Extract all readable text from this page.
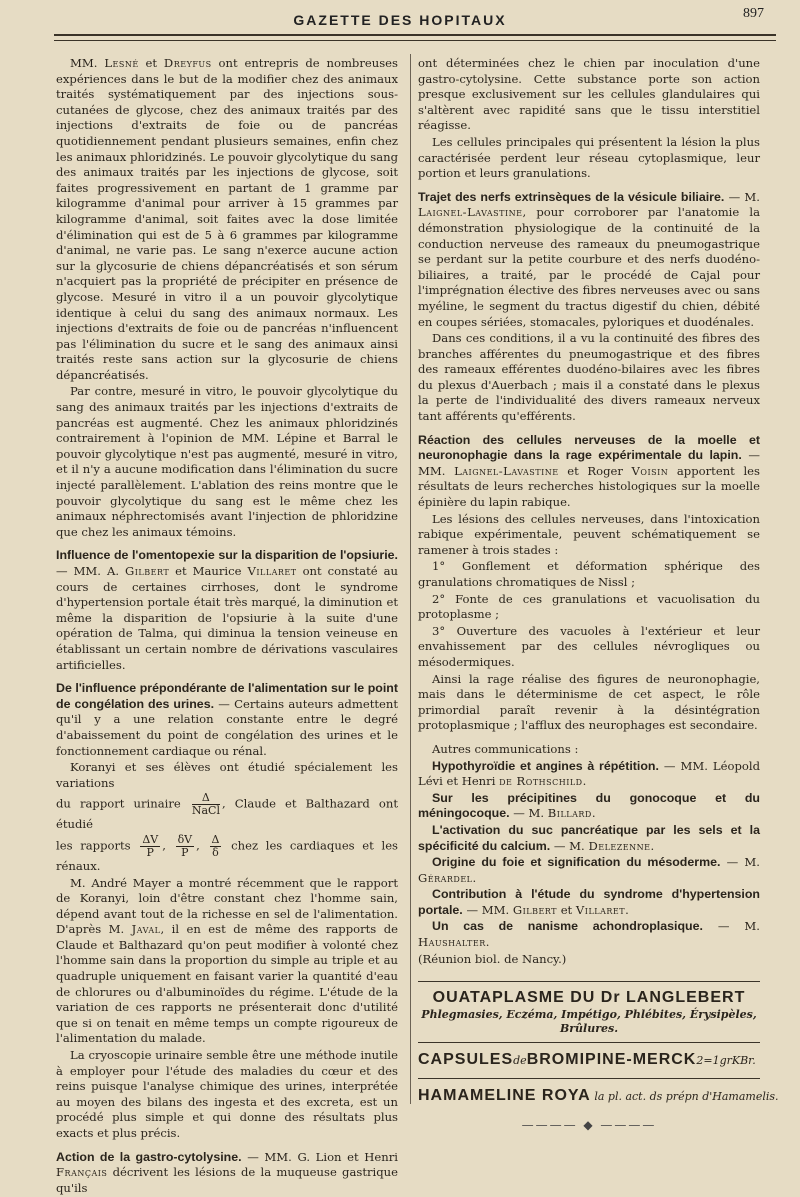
GAZETTE DES HOPITAUX	897

MM. Lesné et Dreyfus ont entrepris de nombreuses expériences dans le but de la modifier chez des animaux traités systématiquement par des injections sous-cutanées de glycose, chez des animaux traités par des injections d'extraits de foie ou de pancréas quotidiennement pendant plusieurs semaines, enfin chez les animaux phloridzinés. Le pouvoir glycolytique du sang des animaux traités par les injections de glycose, soit faites progressivement en partant de 1 gramme par kilogramme d'animal pour arriver à 15 grammes par kilogramme d'animal, soit faites avec la dose limitée d'élimination qui est de 5 à 6 grammes par kilogramme d'animal, ne varie pas. Le sang n'exerce aucune action sur la glycosurie de chiens dépancréatisés et son sérum n'acquiert pas la propriété de précipiter en présence de glycose. Mesuré in vitro il a un pouvoir glycolytique identique à celui du sang des animaux normaux. Les injections d'extraits de foie ou de pancréas n'influencent pas l'élimination du sucre et le sang des animaux ainsi traités reste sans action sur la glycosurie de chiens dépancréatisés.

Par contre, mesuré in vitro, le pouvoir glycolytique du sang des animaux traités par les injections d'extraits de pancréas est augmenté. Chez les animaux phloridzinés contrairement à l'opinion de MM. Lépine et Barral le pouvoir glycolytique n'est pas augmenté, mesuré in vitro, et il n'y a aucune modification dans l'élimination du sucre injecté parallèlement. L'ablation des reins montre que le pouvoir glycolytique du sang est le même chez les animaux néphrectomisés avant l'injection de phloridzine que chez les animaux témoins.

Influence de l'omentopexie sur la disparition de l'opsiurie. — MM. A. Gilbert et Maurice Villaret ont constaté au cours de certaines cirrhoses, dont le syndrome d'hypertension portale était très marqué, la diminution et même la disparition de l'opsiurie à la suite d'une opération de Talma, qui diminua la tension veineuse en établissant un certain nombre de dérivations vasculaires artificielles.

De l'influence prépondérante de l'alimentation sur le point de congélation des urines. — Certains auteurs admettent qu'il y a une relation constante entre le degré d'abaissement du point de congélation des urines et le fonctionnement cardiaque ou rénal.

Koranyi et ses élèves ont étudié spécialement les variations

du rapport urinaire $\frac{\Delta}{\text{NaCl}}$ , Claude et Balthazard ont étudié

les rapports $\frac{\Delta V}{P}$ , $\frac{\delta V}{P}$ , $\frac{\Delta}{\delta}$ chez les cardiaques et les rénaux.

M. André Mayer a montré récemment que le rapport de Koranyi, loin d'être constant chez l'homme sain, dépend avant tout de la richesse en sel de l'alimentation. D'après M. Javal, il en est de même des rapports de Claude et Balthazard qu'on peut modifier à volonté chez l'homme sain dans la proportion du simple au triple et au quadruple uniquement en faisant varier la quantité d'eau de chlorures ou d'albuminoïdes du régime. L'étude de la variation de ces rapports ne présenterait donc d'utilité que si on tenait en même temps un compte rigoureux de l'alimentation du malade.

La cryoscopie urinaire semble être une méthode inutile à employer pour l'étude des maladies du cœur et des reins puisque l'analyse chimique des urines, interprétée au moyen des bilans des ingesta et des excreta, est un procédé plus simple et qui donne des résultats plus exacts et plus précis.

Action de la gastro-cytolysine. — MM. G. Lion et Henri Français décrivent les lésions de la muqueuse gastrique qu'ils

ont déterminées chez le chien par inoculation d'une gastro-cytolysine. Cette substance porte son action presque exclusivement sur les cellules glandulaires qui s'altèrent avec rapidité sans que le tissu interstitiel réagisse.

Les cellules principales qui présentent la lésion la plus caractérisée perdent leur réseau cytoplasmique, leur portion et leurs granulations.

Trajet des nerfs extrinsèques de la vésicule biliaire. — M. Laignel-Lavastine, pour corroborer par l'anatomie la démonstration physiologique de la continuité de la conduction nerveuse des rameaux du pneumogastrique se perdant sur la petite courbure et des nerfs duodéno-biliaires, a traité, par le procédé de Cajal pour l'imprégnation élective des fibres nerveuses avec ou sans myéline, le segment du tractus digestif du chien, débité en coupes sériées, stomacales, pyloriques et duodénales.

Dans ces conditions, il a vu la continuité des fibres des branches afférentes du pneumogastrique et des fibres des rameaux efférentes duodéno-bilaires avec les fibres du plexus d'Auerbach ; mais il a constaté dans le plexus la perte de l'individualité des divers rameaux nerveux tant afférents qu'efférents.

Réaction des cellules nerveuses de la moelle et neuronophagie dans la rage expérimentale du lapin. — MM. Laignel-Lavastine et Roger Voisin apportent les résultats de leurs recherches histologiques sur la moelle épinière du lapin rabique.

Les lésions des cellules nerveuses, dans l'intoxication rabique expérimentale, peuvent schématiquement se ramener à trois stades :

1° Gonflement et déformation sphérique des granulations chromatiques de Nissl ;

2° Fonte de ces granulations et vacuolisation du protoplasme ;

3° Ouverture des vacuoles à l'extérieur et leur envahissement par des cellules névrogliques ou mésodermiques.

Ainsi la rage réalise des figures de neuronophagie, mais dans le déterminisme de cet aspect, le rôle primordial paraît revenir à la désintégration protoplasmique ; l'afflux des neurophages est secondaire.

Autres communications :

Hypothyroïdie et angines à répétition. — MM. Léopold Lévi et Henri de Rothschild.

Sur les précipitines du gonocoque et du méningocoque. — M. Billard.

L'activation du suc pancréatique par les sels et la spécificité du calcium. — M. Delezenne.

Origine du foie et signification du mésoderme. — M. Gérardel.

Contribution à l'étude du syndrome d'hypertension portale. — MM. Gilbert et Villaret.

Un cas de nanisme achondroplasique. — M. Haushalter.

(Réunion biol. de Nancy.)

OUATAPLASME DU Dr LANGLEBERT
Phlegmasies, Eczéma, Impétigo, Phlébites, Érysipèles, Brûlures.
CAPSULESdeBROMIPINE-MERCK2=1grKBr.
HAMAMELINE ROYA la pl. act. ds prépn d'Hamamelis.
———— ◆ ————
